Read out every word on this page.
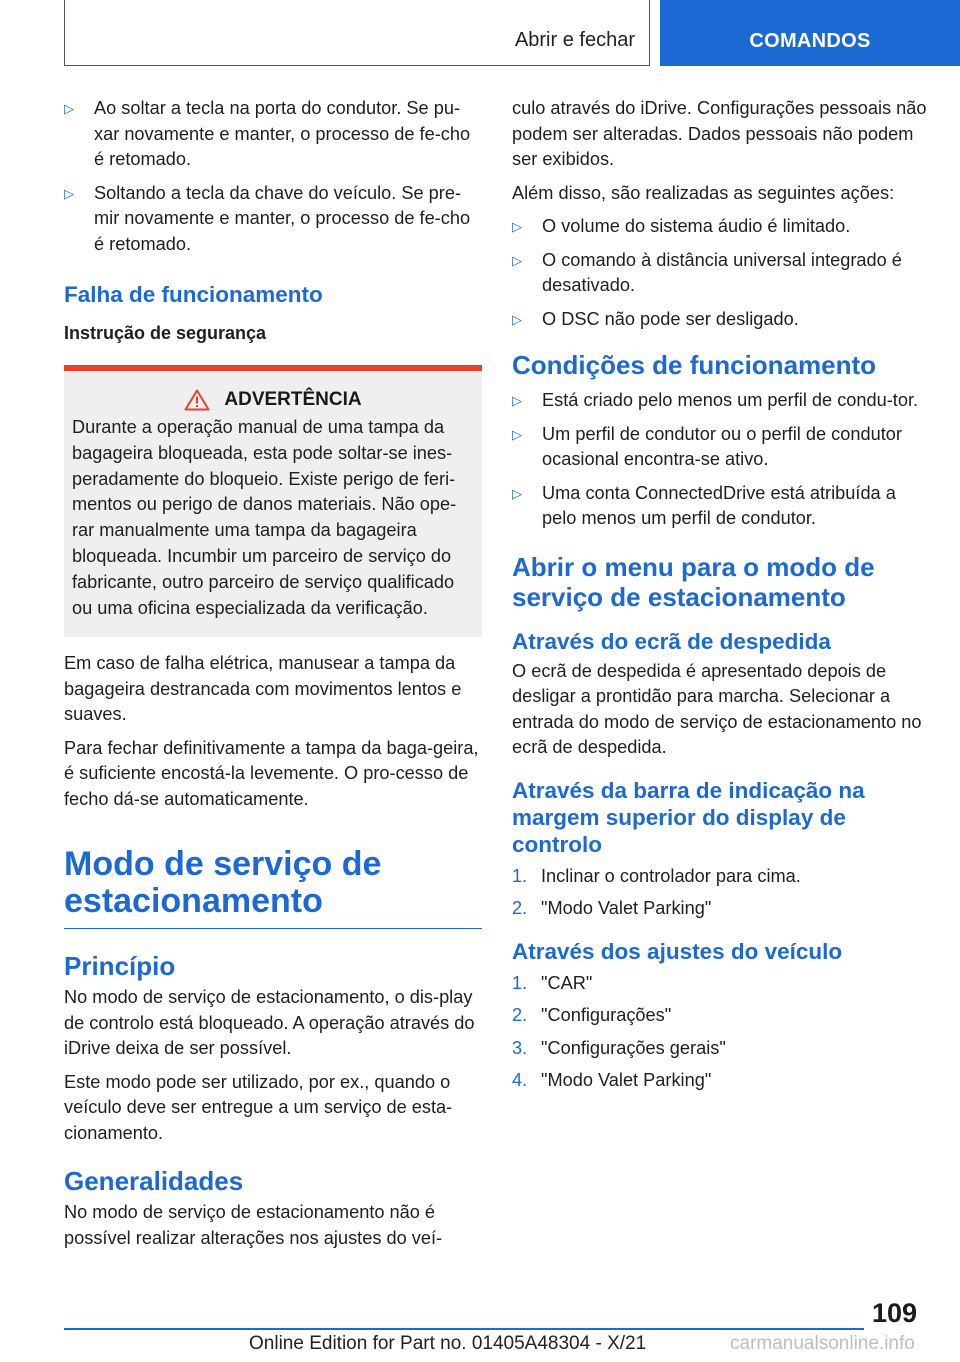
Abrir e fechar	COMANDOS
▷ Ao soltar a tecla na porta do condutor. Se pu-xar novamente e manter, o processo de fe-cho é retomado.
▷ Soltando a tecla da chave do veículo. Se pre-mir novamente e manter, o processo de fe-cho é retomado.
Falha de funcionamento
Instrução de segurança
ADVERTÊNCIA
Durante a operação manual de uma tampa da bagageira bloqueada, esta pode soltar-se ines-peradamente do bloqueio. Existe perigo de feri-mentos ou perigo de danos materiais. Não ope-rar manualmente uma tampa da bagageira bloqueada. Incumbir um parceiro de serviço do fabricante, outro parceiro de serviço qualificado ou uma oficina especializada da verificação.
Em caso de falha elétrica, manusear a tampa da bagageira destrancada com movimentos lentos e suaves.
Para fechar definitivamente a tampa da baga-geira, é suficiente encostá-la levemente. O pro-cesso de fecho dá-se automaticamente.
Modo de serviço de estacionamento
Princípio
No modo de serviço de estacionamento, o dis-play de controlo está bloqueado. A operação através do iDrive deixa de ser possível.
Este modo pode ser utilizado, por ex., quando o veículo deve ser entregue a um serviço de esta-cionamento.
Generalidades
No modo de serviço de estacionamento não é possível realizar alterações nos ajustes do veí-
culo através do iDrive. Configurações pessoais não podem ser alteradas. Dados pessoais não podem ser exibidos.
Além disso, são realizadas as seguintes ações:
▷ O volume do sistema áudio é limitado.
▷ O comando à distância universal integrado é desativado.
▷ O DSC não pode ser desligado.
Condições de funcionamento
▷ Está criado pelo menos um perfil de condu-tor.
▷ Um perfil de condutor ou o perfil de condutor ocasional encontra-se ativo.
▷ Uma conta ConnectedDrive está atribuída a pelo menos um perfil de condutor.
Abrir o menu para o modo de serviço de estacionamento
Através do ecrã de despedida
O ecrã de despedida é apresentado depois de desligar a prontidão para marcha. Selecionar a entrada do modo de serviço de estacionamento no ecrã de despedida.
Através da barra de indicação na margem superior do display de controlo
1. Inclinar o controlador para cima.
2. "Modo Valet Parking"
Através dos ajustes do veículo
1. "CAR"
2. "Configurações"
3. "Configurações gerais"
4. "Modo Valet Parking"
109
Online Edition for Part no. 01405A48304 - X/21	carmanualsonline.info
